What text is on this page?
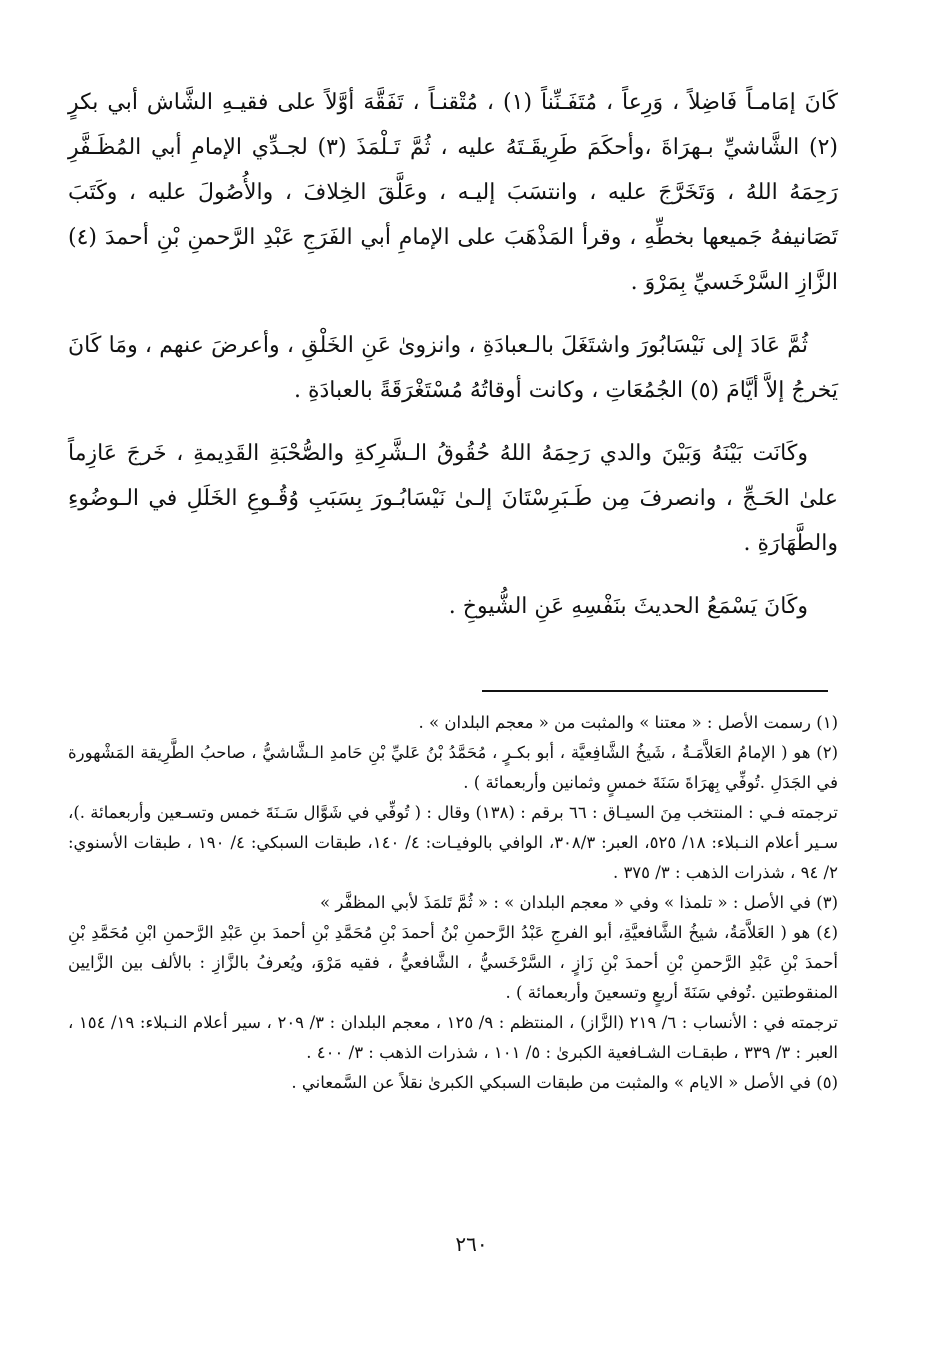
كَانَ إمَامـاً فَاضِلاً ، وَرِعاً ، مُتَفَـنِّناً (١) ، مُتْقنـاً ، تَفَقَّهَ أوَّلاً على فقيـهِ الشَّاش أبي بكرٍ (٢) الشَّاشيِّ بـهرَاةَ ،وأحكَمَ طَرِيقَـتَهُ عليه ، ثُمَّ تَـلْمَذَ (٣) لجـدِّي الإمامِ أبي المُظَـفَّرِ رَحِمَهُ اللهُ ، وَتَخَرَّجَ عليه ، وانتسَبَ إليـه ، وعَلَّقَ الخِلافَ ، والأُصُولَ عليه ، وكَتَبَ تَصَانيفهُ جَميعها بخطِّهِ ، وقرأ المَذْهَبَ على الإمامِ أبي الفَرَجِ عَبْدِ الرَّحمنِ بْنِ أحمدَ (٤) الزَّازِ السَّرْخَسيِّ بِمَرْوَ .

ثُمَّ عَادَ إلى نَيْسَابُورَ واشتَغَلَ بالـعبادَةِ ، وانزوىٰ عَنِ الخَلْقِ ، وأعرضَ عنهم ، ومَا كَانَ يَخرجُ إلاَّ أيَّامَ (٥) الجُمُعَاتِ ، وكانت أوقاتُهُ مُسْتَغْرَقَةً بالعبادَةِ .

وكَانَت بَيْنَهُ وَبَيْنَ والدي رَحِمَهُ اللهُ حُقُوقُ الـشَّرِكةِ والصُّحْبَةِ القَدِيمةِ ، خَرجَ عَازِماً علىٰ الحَـجِّ ، وانصرفَ مِن طَـبَرِسْتَانَ إلـىٰ نَيْسَابُـورَ بِسَبَبِ وُقُـوعِ الخَلَلِ في الـوضُوءِ والطَّهَارَةِ .

وكَانَ يَسْمَعُ الحديثَ بنَفْسِهِ عَنِ الشُّيوخِ .

(١) رسمت الأصل : « معتنا » والمثبت من « معجم البلدان » .

(٢) هو ( الإمامُ العَلاَّمَـةُ ، شَيخُ الشَّافِعيَّة ، أبو بكـرٍ ، مُحَمَّدُ بْنُ عَليِّ بْنِ حَامدِ الـشَّاشيُّ ، صاحبُ الطَّرِيقة المَشْهورة في الجَدَلِ .تُوفِّي بِهرَاةَ سَنَةَ خمسٍ وثمانين وأربعمائة ) .

ترجمته فـي : المنتخب مِنَ السيـاق : ٦٦ برقم : (١٣٨) وقال : ( تُوفِّي في شَوَّال سَـنَةَ خمس وتسـعين وأربعمائة .)، سـير أعلام النـبلاء: ١٨/ ٥٢٥، العبر: ٣٠٨/٣، الوافي بالوفيـات: ٤/ ١٤٠، طبقات السبكي: ٤/ ١٩٠ ، طبقات الأسنوي: ٢/ ٩٤ ، شذرات الذهب : ٣/ ٣٧٥ .

(٣) في الأصل : « تلمذا » وفي « معجم البلدان » : « ثُمَّ تَلمَذَ لأبي المظفَّر »

(٤) هو ( العَلاَّمَةُ، شيخُ الشَّافعيَّةِ، أبو الفرجِ عَبْدُ الرَّحمنِ بْنُ أحمدَ بْنِ مُحَمَّدِ بْنِ أحمدَ بنِ عَبْدِ الرَّحمنِ ابْنِ مُحَمَّدِ بْنِ أحمدَ بْنِ عَبْدِ الرَّحمنِ بْنِ أحمدَ بْنِ زَازٍ ، السَّرْخَسيُّ ، الشَّافعيُّ ، فقيه مَرْوَ، ويُعرفُ بالزَّازِ : بالألف بين الزَّايين المنقوطتين .تُوفي سَنَةَ أربعٍ وتسعينَ وأربعمائة ) .

ترجمته في : الأنساب : ٦/ ٢١٩ (الزَّاز) ، المنتظم : ٩/ ١٢٥ ، معجم البلدان : ٣/ ٢٠٩ ، سير أعلام النـبلاء: ١٩/ ١٥٤ ، العبر : ٣/ ٣٣٩ ، طبقـات الشـافعية الكبرىٰ : ٥/ ١٠١ ، شذرات الذهب : ٣/ ٤٠٠ .

(٥) في الأصل « الايام » والمثبت من طبقات السبكي الكبرىٰ نقلاً عن السَّمعاني .

٢٦٠
